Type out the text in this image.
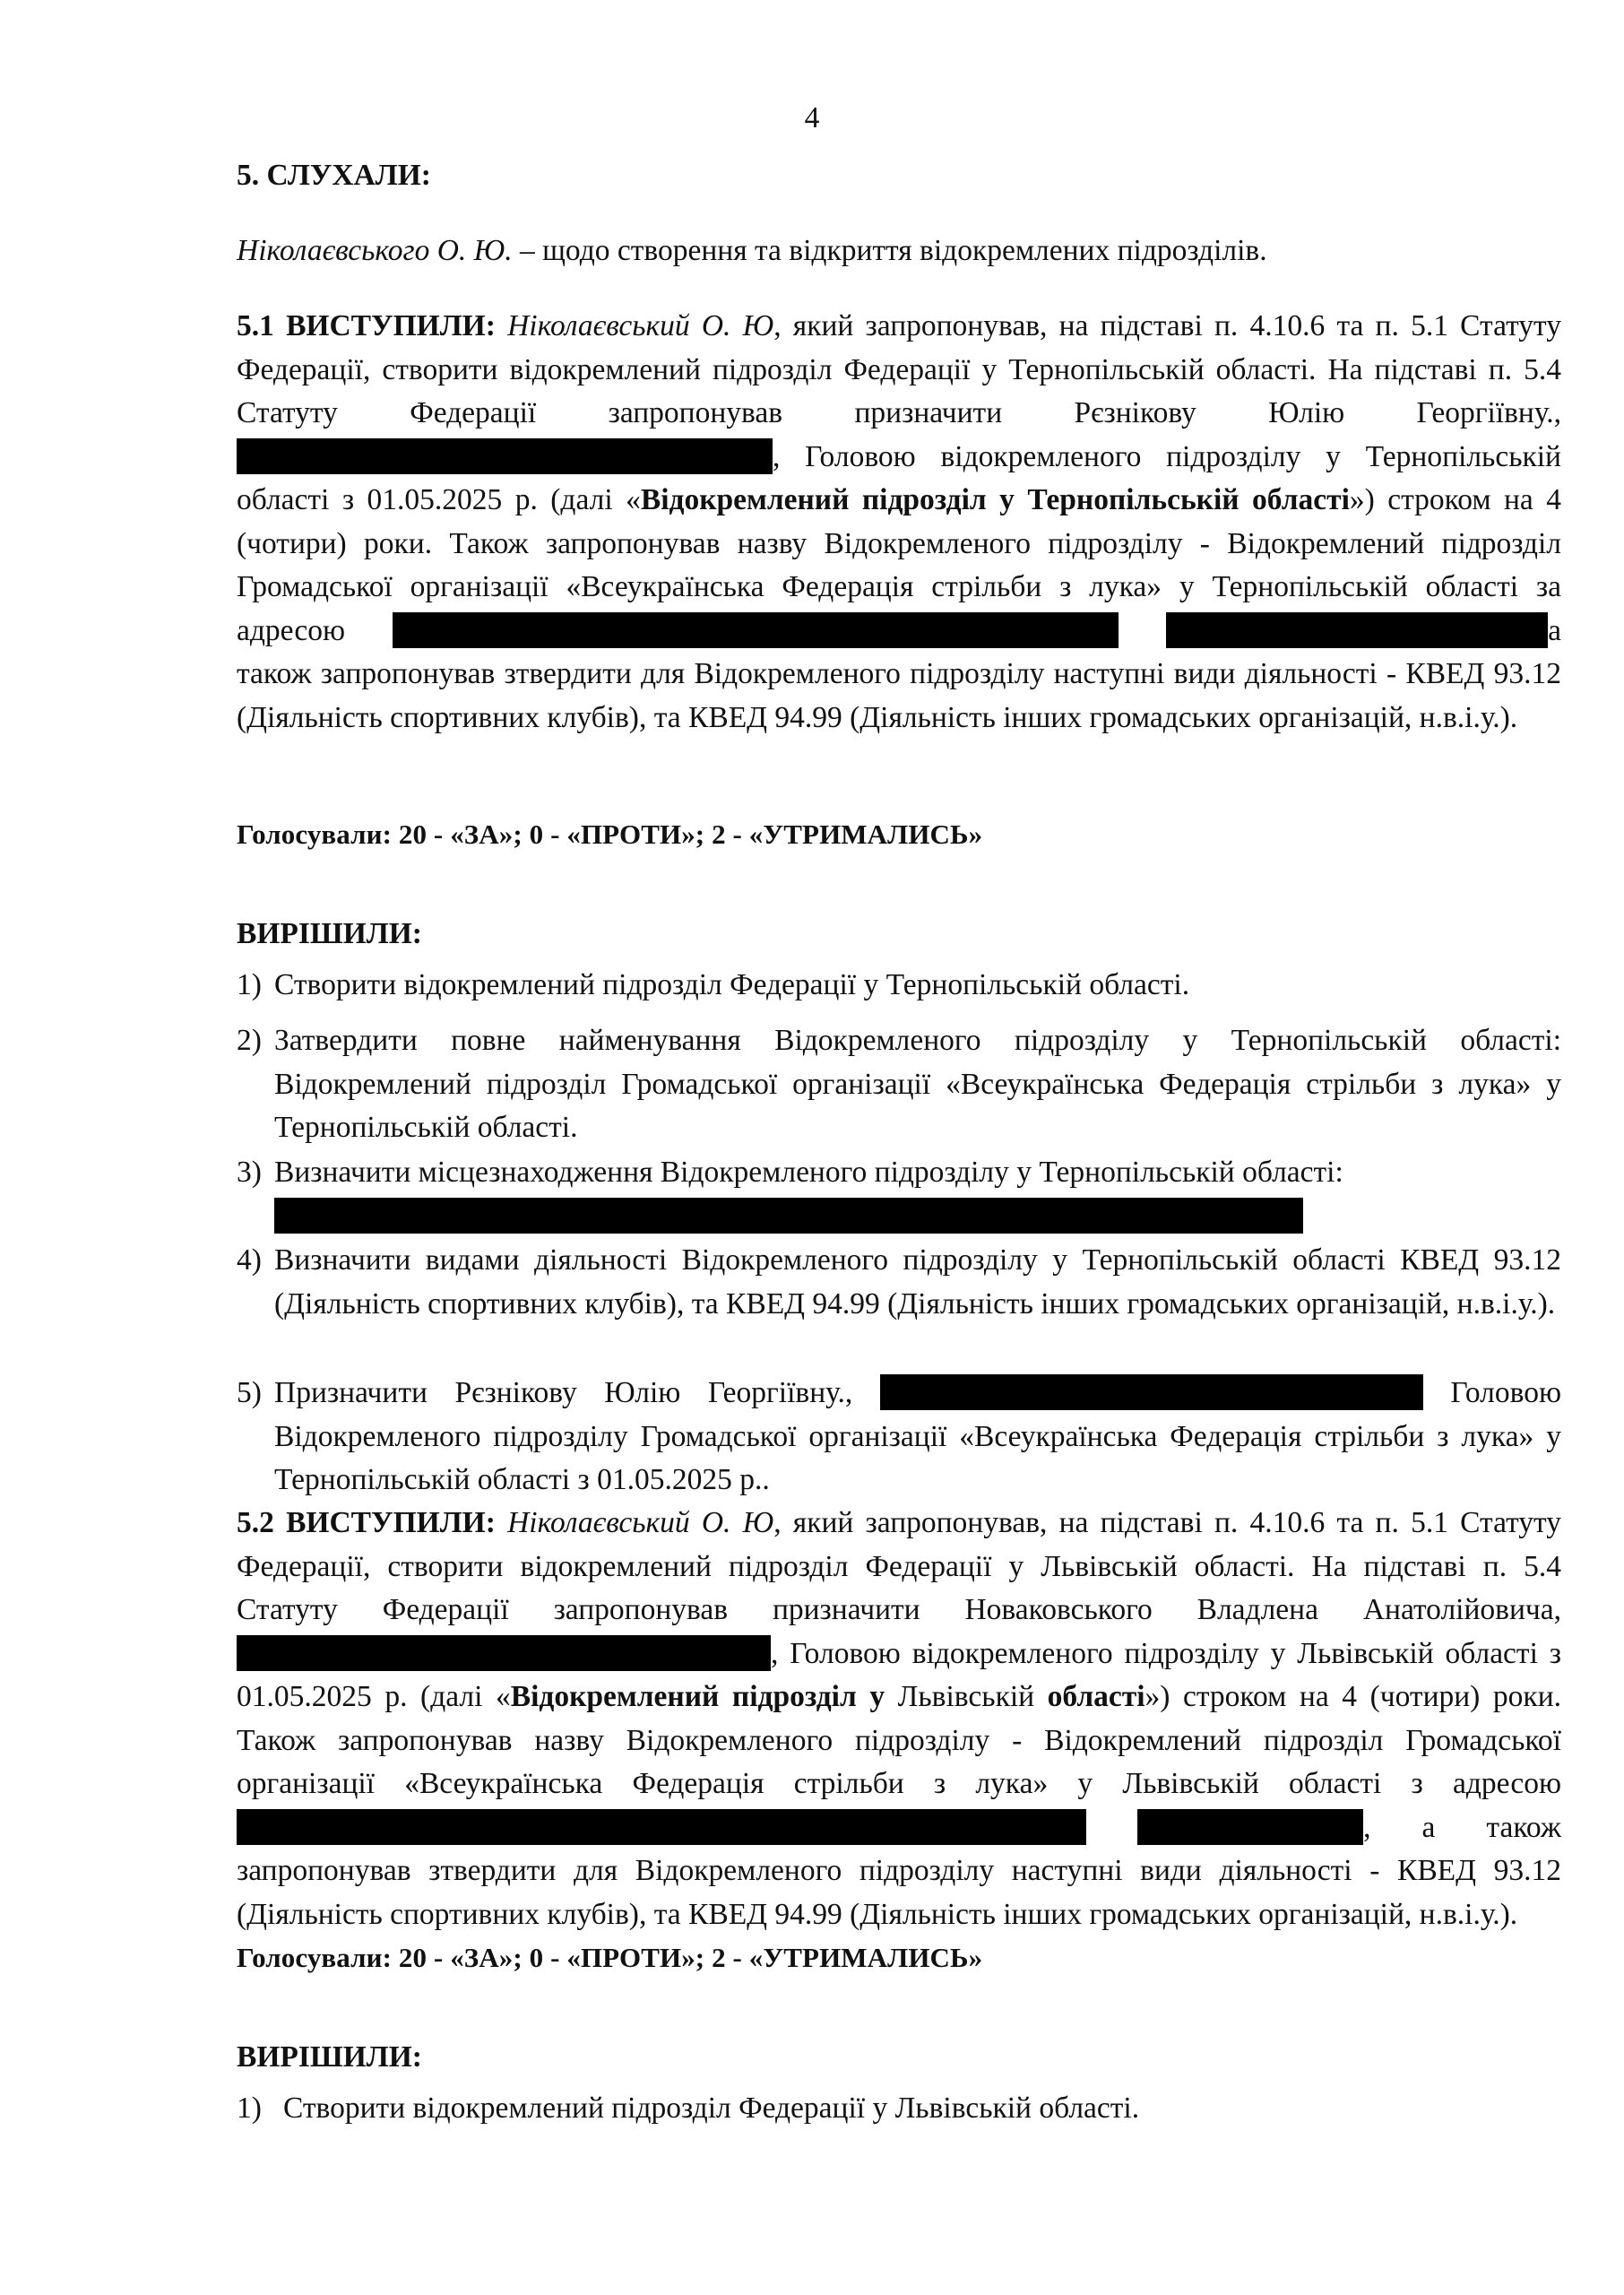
4

5. СЛУХАЛИ:

Ніколаєвського О. Ю. – щодо створення та відкриття відокремлених підрозділів.

5.1 ВИСТУПИЛИ: Ніколаєвський О. Ю, який запропонував, на підставі п. 4.10.6 та п. 5.1 Статуту Федерації, створити відокремлений підрозділ Федерації у Тернопільській області. На підставі п. 5.4 Статуту Федерації запропонував призначити Рєзнікову Юлію Георгіївну., , Головою відокремленого підрозділу у Тернопільській області з 01.05.2025 р. (далі «Відокремлений підрозділ у Тернопільській області») строком на 4 (чотири) роки. Також запропонував назву Відокремленого підрозділу - Відокремлений підрозділ Громадської організації «Всеукраїнська Федерація стрільби з лука» у Тернопільській області за адресою	а також запропонував зтвердити для Відокремленого підрозділу наступні види діяльності - КВЕД 93.12 (Діяльність спортивних клубів), та КВЕД 94.99 (Діяльність інших громадських організацій, н.в.і.у.).

Голосували: 20 - «ЗА»; 0 - «ПРОТИ»; 2 - «УТРИМАЛИСЬ»

ВИРІШИЛИ:

1) Створити відокремлений підрозділ Федерації у Тернопільській області.
2) Затвердити повне найменування Відокремленого підрозділу у Тернопільській області: Відокремлений підрозділ Громадської організації «Всеукраїнська Федерація стрільби з лука» у Тернопільській області.
3) Визначити місцезнаходження Відокремленого підрозділу у Тернопільській області:
4) Визначити видами діяльності Відокремленого підрозділу у Тернопільській області КВЕД 93.12 (Діяльність спортивних клубів), та КВЕД 94.99 (Діяльність інших громадських організацій, н.в.і.у.).
5) Призначити Рєзнікову Юлію Георгіївну.,	Головою Відокремленого підрозділу Громадської організації «Всеукраїнська Федерація стрільби з лука» у Тернопільській області з 01.05.2025 р..

5.2 ВИСТУПИЛИ: Ніколаєвський О. Ю, який запропонував, на підставі п. 4.10.6 та п. 5.1 Статуту Федерації, створити відокремлений підрозділ Федерації у Львівській області. На підставі п. 5.4 Статуту Федерації запропонував призначити Новаковського Владлена Анатолійовича, , Головою відокремленого підрозділу у Львівській області з 01.05.2025 р. (далі «Відокремлений підрозділ у Львівській області») строком на 4 (чотири) роки. Також запропонував назву Відокремленого підрозділу - Відокремлений підрозділ Громадської організації «Всеукраїнська Федерація стрільби з лука» у Львівській області з адресою , а також запропонував зтвердити для Відокремленого підрозділу наступні види діяльності - КВЕД 93.12 (Діяльність спортивних клубів), та КВЕД 94.99 (Діяльність інших громадських організацій, н.в.і.у.).

Голосували: 20 - «ЗА»; 0 - «ПРОТИ»; 2 - «УТРИМАЛИСЬ»

ВИРІШИЛИ:

1) Створити відокремлений підрозділ Федерації у Львівській області.
